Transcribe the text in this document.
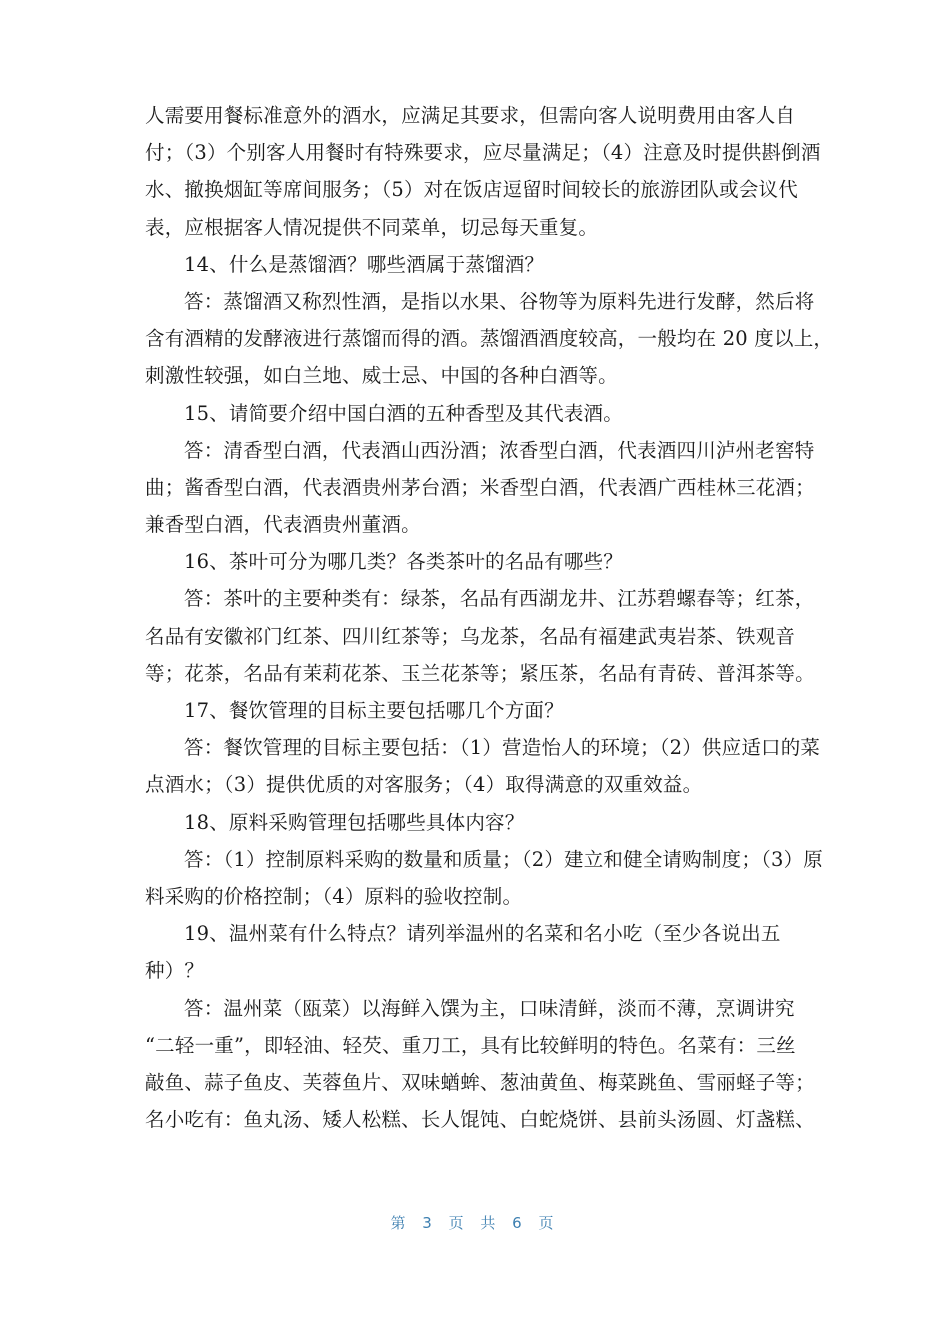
人需要用餐标准意外的酒水，应满足其要求，但需向客人说明费用由客人自
付；（3）个别客人用餐时有特殊要求，应尽量满足；（4）注意及时提供斟倒酒
水、撤换烟缸等席间服务；（5）对在饭店逗留时间较长的旅游团队或会议代
表，应根据客人情况提供不同菜单，切忌每天重复。
14、什么是蒸馏酒？哪些酒属于蒸馏酒？
答：蒸馏酒又称烈性酒，是指以水果、谷物等为原料先进行发酵，然后将
含有酒精的发酵液进行蒸馏而得的酒。蒸馏酒酒度较高，一般均在 20 度以上，
刺激性较强，如白兰地、威士忌、中国的各种白酒等。
15、请简要介绍中国白酒的五种香型及其代表酒。
答：清香型白酒，代表酒山西汾酒；浓香型白酒，代表酒四川泸州老窖特
曲；酱香型白酒，代表酒贵州茅台酒；米香型白酒，代表酒广西桂林三花酒；
兼香型白酒，代表酒贵州董酒。
16、茶叶可分为哪几类？各类茶叶的名品有哪些？
答：茶叶的主要种类有：绿茶，名品有西湖龙井、江苏碧螺春等；红茶，
名品有安徽祁门红茶、四川红茶等；乌龙茶，名品有福建武夷岩茶、铁观音
等；花茶，名品有茉莉花茶、玉兰花茶等；紧压茶，名品有青砖、普洱茶等。
17、餐饮管理的目标主要包括哪几个方面？
答：餐饮管理的目标主要包括：（1）营造怡人的环境；（2）供应适口的菜
点酒水；（3）提供优质的对客服务；（4）取得满意的双重效益。
18、原料采购管理包括哪些具体内容？
答：（1）控制原料采购的数量和质量；（2）建立和健全请购制度；（3）原
料采购的价格控制；（4）原料的验收控制。
19、温州菜有什么特点？请列举温州的名菜和名小吃（至少各说出五
种）？
答：温州菜（瓯菜）以海鲜入馔为主，口味清鲜，淡而不薄，烹调讲究
“二轻一重”，即轻油、轻芡、重刀工，具有比较鲜明的特色。名菜有：三丝
敲鱼、蒜子鱼皮、芙蓉鱼片、双味蝤蛑、葱油黄鱼、梅菜跳鱼、雪丽蛏子等；
名小吃有：鱼丸汤、矮人松糕、长人馄饨、白蛇烧饼、县前头汤圆、灯盏糕、
第 3 页 共 6 页
